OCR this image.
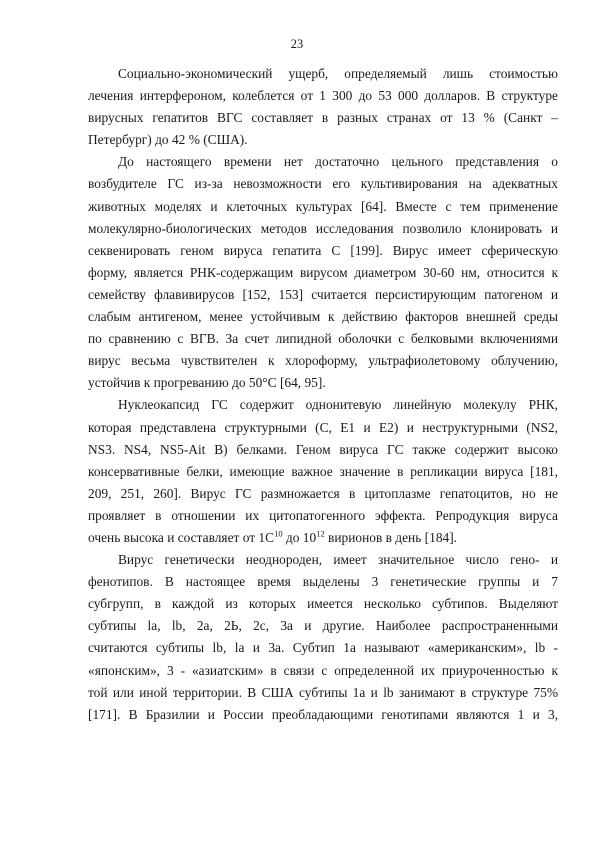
23

Социально-экономический ущерб, определяемый лишь стоимостью
лечения интерфероном, колеблется от 1 300 до 53 000 долларов. В структуре
вирусных гепатитов ВГС составляет в разных странах от 13 % (Санкт –
Петербург) до 42 % (США).

До настоящего времени нет достаточно цельного представления о
возбудителе ГС из-за невозможности его культивирования на адекватных
животных моделях и клеточных культурах [64]. Вместе с тем применение
молекулярно-биологических методов исследования позволило клонировать и
секвенировать геном вируса гепатита С [199]. Вирус имеет сферическую
форму, является РНК-содержащим вирусом диаметром 30-60 нм, относится к
семейству флавивирусов [152, 153] считается персистирующим патогеном и
слабым антигеном, менее устойчивым к действию факторов внешней среды
по сравнению с ВГВ. За счет липидной оболочки с белковыми включениями
вирус весьма чувствителен к хлороформу, ультрафиолетовому облучению,
устойчив к прогреванию до 50°С [64, 95].

Нуклеокапсид ГС содержит однонитевую линейную молекулу РНК,
которая представлена структурными (С, Е1 и Е2) и неструктурными (NS2,
NS3. NS4, NS5-Ait В) белками. Геном вируса ГС также содержит высоко
консервативные белки, имеющие важное значение в репликации вируса [181,
209, 251, 260]. Вирус ГС размножается в цитоплазме гепатоцитов, но не
проявляет в отношении их цитопатогенного эффекта. Репродукция вируса
очень высока и составляет от $1С^{10}$ до $10^{12}$ вирионов в день [184].

Вирус генетически неоднороден, имеет значительное число гено- и
фенотипов. В настоящее время выделены 3 генетические группы и 7
субгрупп, в каждой из которых имеется несколько субтипов. Выделяют
субтипы la, lb, 2а, 2Ь, 2с, 3а и другие. Наиболее распространенными
считаются субтипы lb, la и 3а. Субтип 1а называют «американским», lb -
«японским», 3 - «азиатским» в связи с определенной их приуроченностью к
той или иной территории. В США субтипы 1а и lb занимают в структуре 75%
[171]. В Бразилии и России преобладающими генотипами являются 1 и 3,
